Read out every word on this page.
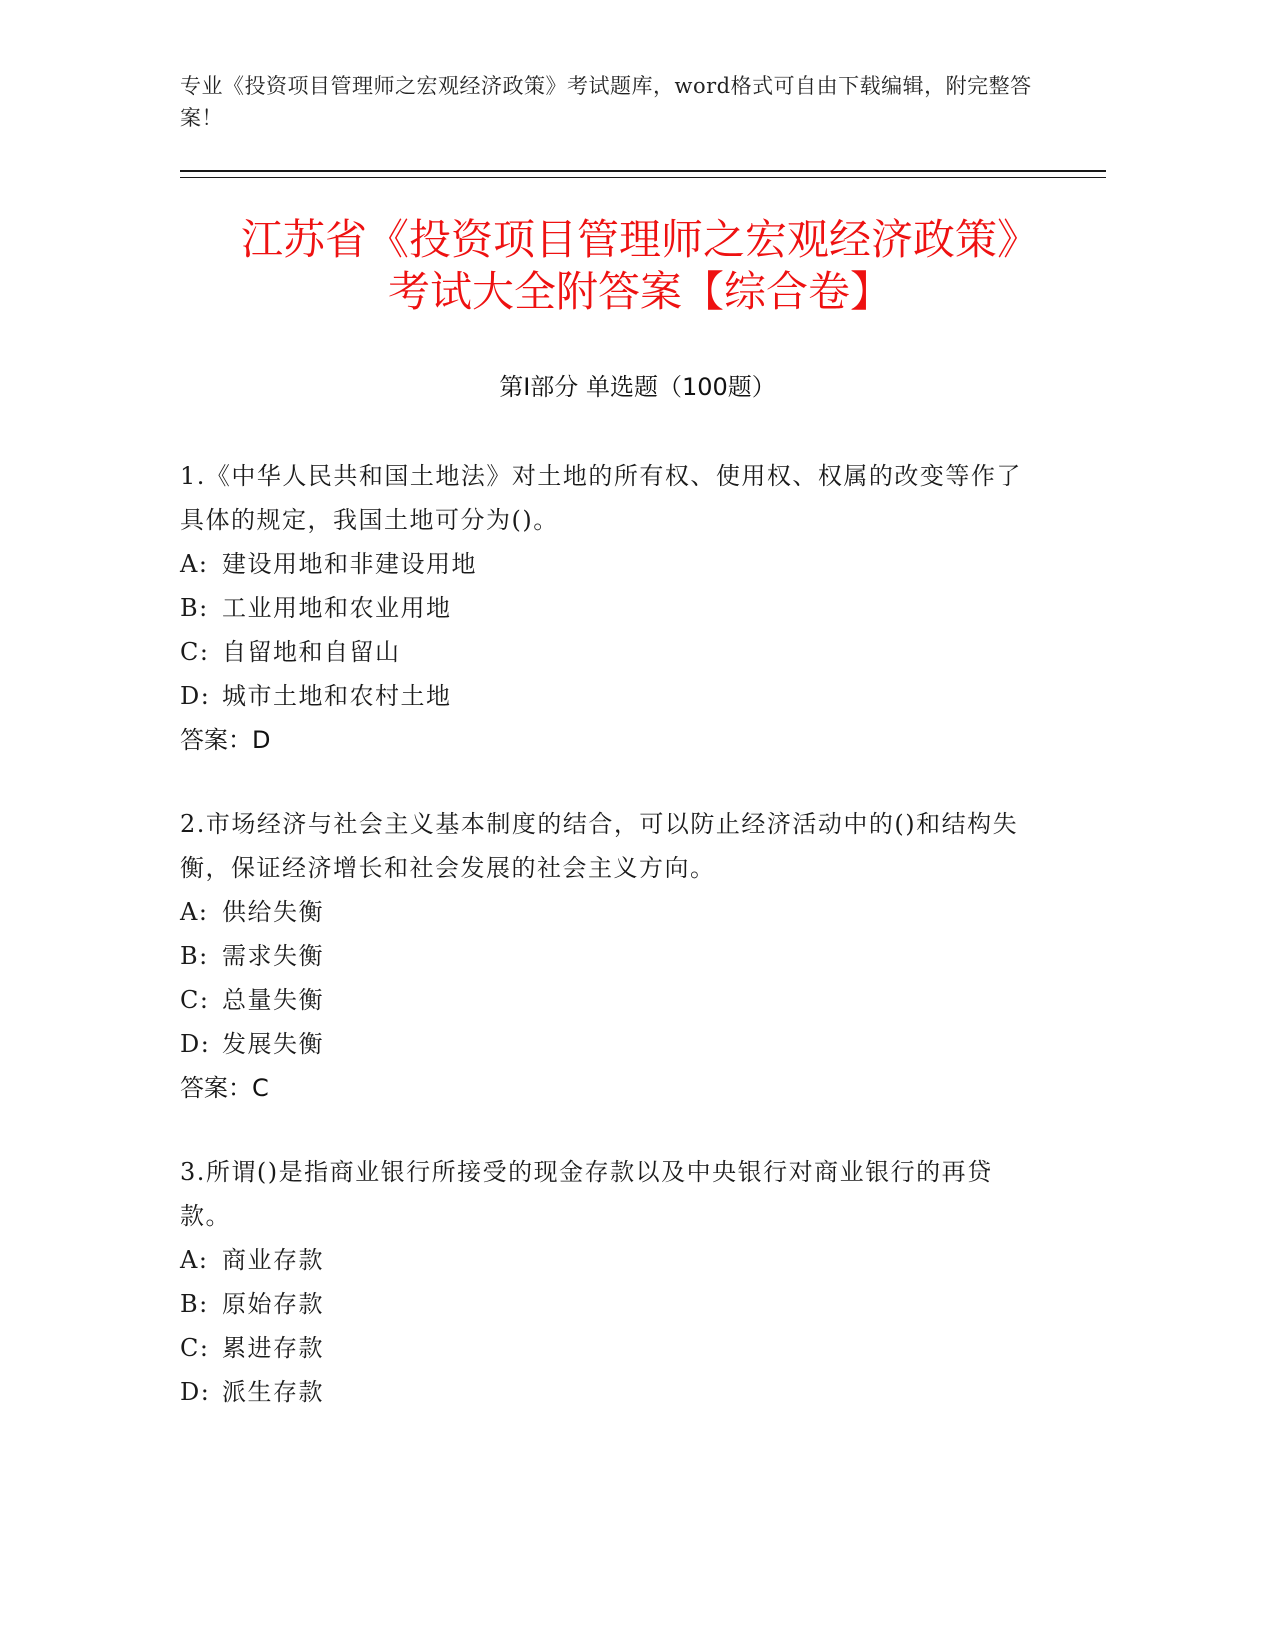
专业《投资项目管理师之宏观经济政策》考试题库，word格式可自由下载编辑，附完整答案！
江苏省《投资项目管理师之宏观经济政策》
考试大全附答案【综合卷】
第Ⅰ部分 单选题（100题）
1.《中华人民共和国土地法》对土地的所有权、使用权、权属的改变等作了具体的规定，我国土地可分为()。
A: 建设用地和非建设用地
B: 工业用地和农业用地
C: 自留地和自留山
D: 城市土地和农村土地
答案：D
2.市场经济与社会主义基本制度的结合，可以防止经济活动中的()和结构失衡，保证经济增长和社会发展的社会主义方向。
A: 供给失衡
B: 需求失衡
C: 总量失衡
D: 发展失衡
答案：C
3.所谓()是指商业银行所接受的现金存款以及中央银行对商业银行的再贷款。
A: 商业存款
B: 原始存款
C: 累进存款
D: 派生存款
